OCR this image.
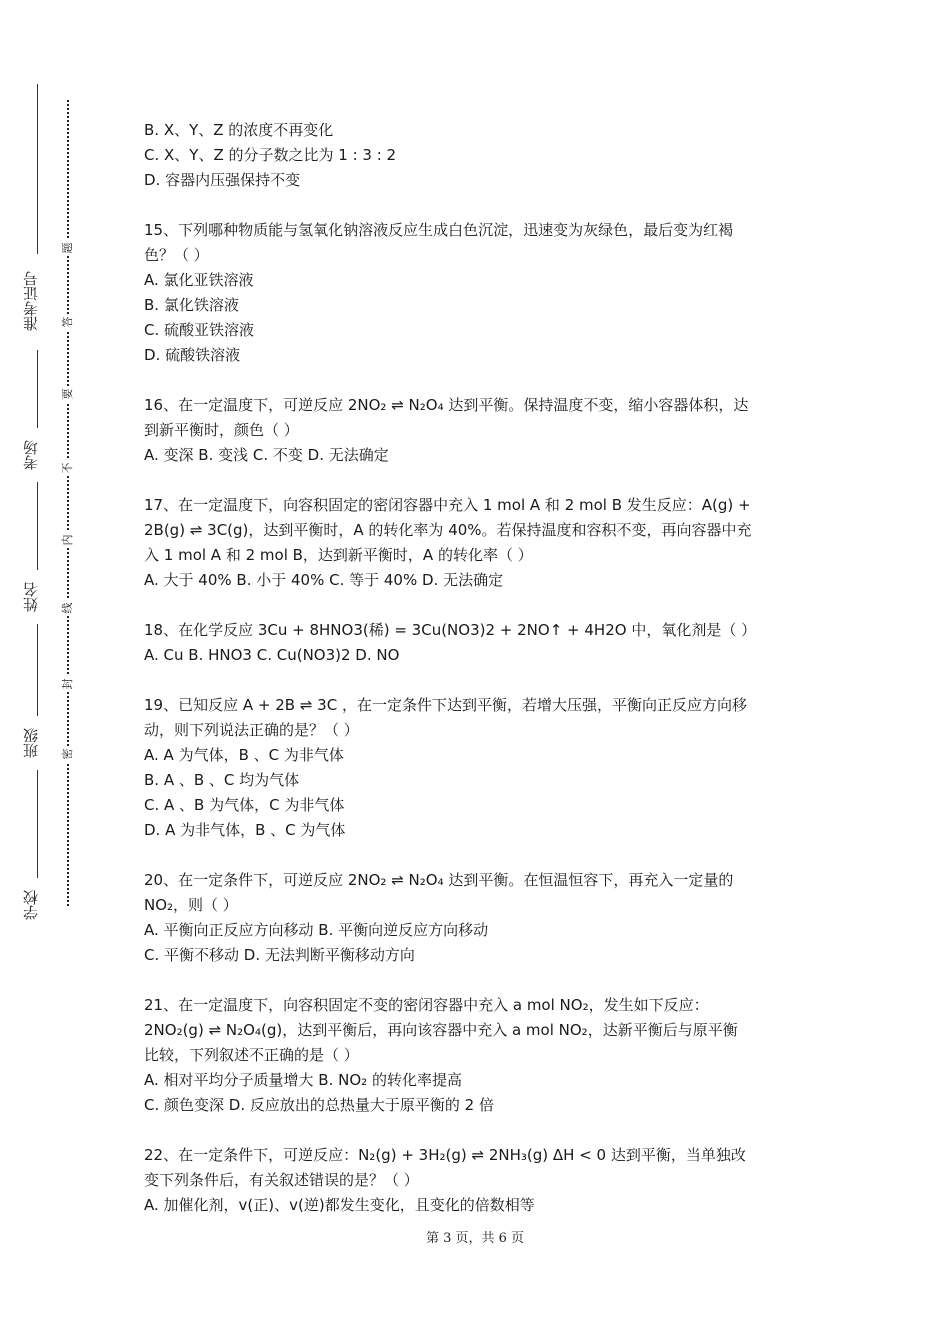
准考证号
考场
姓名
班级
学校
题
答
要
不
内
线
封
密

B. X、Y、Z 的浓度不再变化

C. X、Y、Z 的分子数之比为 1 : 3 : 2

D. 容器内压强保持不变

15、下列哪种物质能与氢氧化钠溶液反应生成白色沉淀，迅速变为灰绿色，最后变为红褐

色？（ ）

A. 氯化亚铁溶液

B. 氯化铁溶液

C. 硫酸亚铁溶液

D. 硫酸铁溶液

16、在一定温度下，可逆反应 2NO₂ ⇌ N₂O₄ 达到平衡。保持温度不变，缩小容器体积，达

到新平衡时，颜色（ ）

A. 变深 B. 变浅 C. 不变 D. 无法确定

17、在一定温度下，向容积固定的密闭容器中充入 1 mol A 和 2 mol B 发生反应：A(g) +

2B(g) ⇌ 3C(g)，达到平衡时，A 的转化率为 40%。若保持温度和容积不变，再向容器中充

入 1 mol A 和 2 mol B，达到新平衡时，A 的转化率（ ）

A. 大于 40% B. 小于 40% C. 等于 40% D. 无法确定

18、在化学反应 3Cu + 8HNO3(稀) = 3Cu(NO3)2 + 2NO↑ + 4H2O 中，氧化剂是（ ）

A. Cu B. HNO3 C. Cu(NO3)2 D. NO

19、已知反应 A + 2B ⇌ 3C ，在一定条件下达到平衡，若增大压强，平衡向正反应方向移

动，则下列说法正确的是？（ ）

A. A 为气体，B 、C 为非气体

B. A 、B 、C 均为气体

C. A 、B 为气体，C 为非气体

D. A 为非气体，B 、C 为气体

20、在一定条件下，可逆反应 2NO₂ ⇌ N₂O₄ 达到平衡。在恒温恒容下，再充入一定量的

NO₂，则（ ）

A. 平衡向正反应方向移动 B. 平衡向逆反应方向移动

C. 平衡不移动 D. 无法判断平衡移动方向

21、在一定温度下，向容积固定不变的密闭容器中充入 a mol NO₂，发生如下反应：

2NO₂(g) ⇌ N₂O₄(g)，达到平衡后，再向该容器中充入 a mol NO₂，达新平衡后与原平衡

比较，下列叙述不正确的是（ ）

A. 相对平均分子质量增大 B. NO₂ 的转化率提高

C. 颜色变深 D. 反应放出的总热量大于原平衡的 2 倍

22、在一定条件下，可逆反应：N₂(g) + 3H₂(g) ⇌ 2NH₃(g) ΔH < 0 达到平衡，当单独改

变下列条件后，有关叙述错误的是？（ ）

A. 加催化剂，v(正)、v(逆)都发生变化，且变化的倍数相等

第 3 页，共 6 页
